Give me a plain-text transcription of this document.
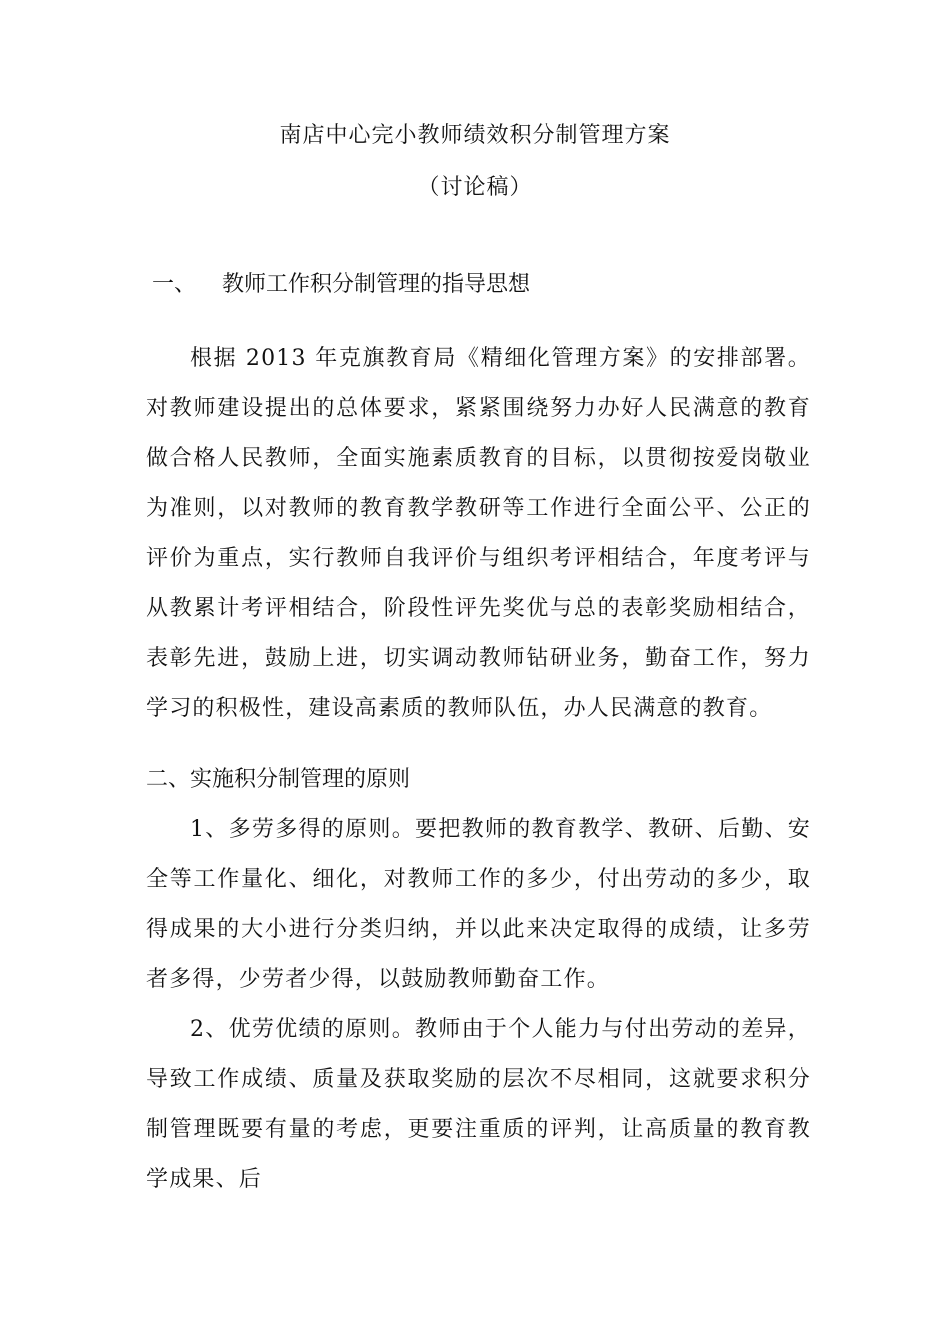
南店中心完小教师绩效积分制管理方案
（讨论稿）
一、 教师工作积分制管理的指导思想
根据 2013 年克旗教育局《精细化管理方案》的安排部署。对教师建设提出的总体要求，紧紧围绕努力办好人民满意的教育做合格人民教师，全面实施素质教育的目标，以贯彻按爱岗敬业为准则，以对教师的教育教学教研等工作进行全面公平、公正的评价为重点，实行教师自我评价与组织考评相结合，年度考评与从教累计考评相结合，阶段性评先奖优与总的表彰奖励相结合，表彰先进，鼓励上进，切实调动教师钻研业务，勤奋工作，努力学习的积极性，建设高素质的教师队伍，办人民满意的教育。
二、实施积分制管理的原则
1、多劳多得的原则。要把教师的教育教学、教研、后勤、安全等工作量化、细化，对教师工作的多少，付出劳动的多少，取得成果的大小进行分类归纳，并以此来决定取得的成绩，让多劳者多得，少劳者少得，以鼓励教师勤奋工作。
2、优劳优绩的原则。教师由于个人能力与付出劳动的差异，导致工作成绩、质量及获取奖励的层次不尽相同，这就要求积分制管理既要有量的考虑，更要注重质的评判，让高质量的教育教学成果、后
